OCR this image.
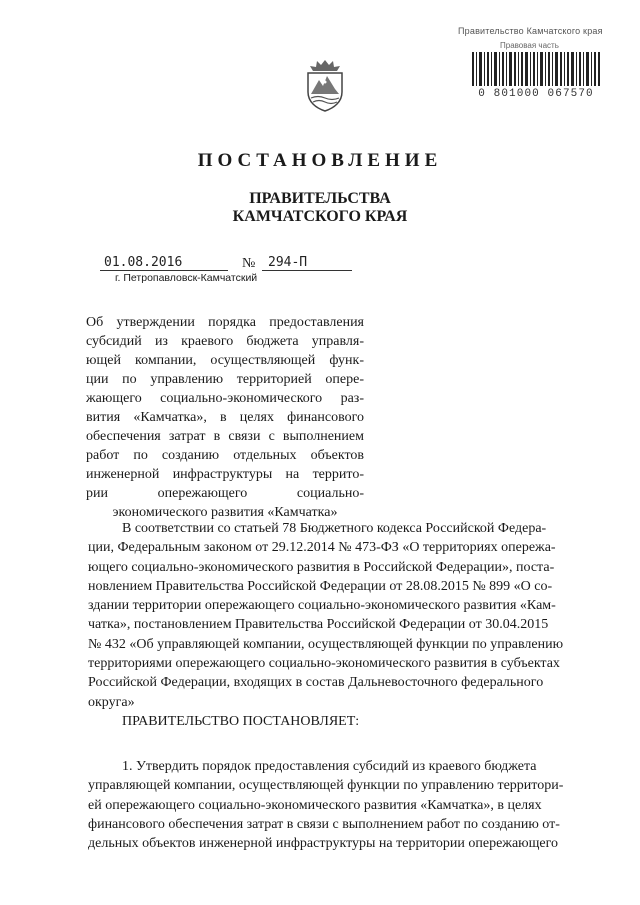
Правительство Камчатского края
Правовая часть
0 801000 067570
ПОСТАНОВЛЕНИЕ
ПРАВИТЕЛЬСТВА
КАМЧАТСКОГО КРАЯ
01.08.2016	№ 294-П
г. Петропавловск-Камчатский
Об утверждении порядка предоставления
субсидий из краевого бюджета управля-
ющей компании, осуществляющей функ-
ции по управлению территорией опере-
жающего социально-экономического раз-
вития «Камчатка», в целях финансового
обеспечения затрат в связи с выполнением
работ по созданию отдельных объектов
инженерной инфраструктуры на террито-
рии опережающего социально-
экономического развития «Камчатка»
В соответствии со статьей 78 Бюджетного кодекса Российской Федера-
ции, Федеральным законом от 29.12.2014 № 473-ФЗ «О территориях опережа-
ющего социально-экономического развития в Российской Федерации», поста-
новлением Правительства Российской Федерации от 28.08.2015 № 899 «О со-
здании территории опережающего социально-экономического развития «Кам-
чатка», постановлением Правительства Российской Федерации от 30.04.2015
№ 432 «Об управляющей компании, осуществляющей функции по управлению
территориями опережающего социально-экономического развития в субъектах
Российской Федерации, входящих в состав Дальневосточного федерального
округа»
ПРАВИТЕЛЬСТВО ПОСТАНОВЛЯЕТ:
1. Утвердить порядок предоставления субсидий из краевого бюджета
управляющей компании, осуществляющей функции по управлению территори-
ей опережающего социально-экономического развития «Камчатка», в целях
финансового обеспечения затрат в связи с выполнением работ по созданию от-
дельных объектов инженерной инфраструктуры на территории опережающего
